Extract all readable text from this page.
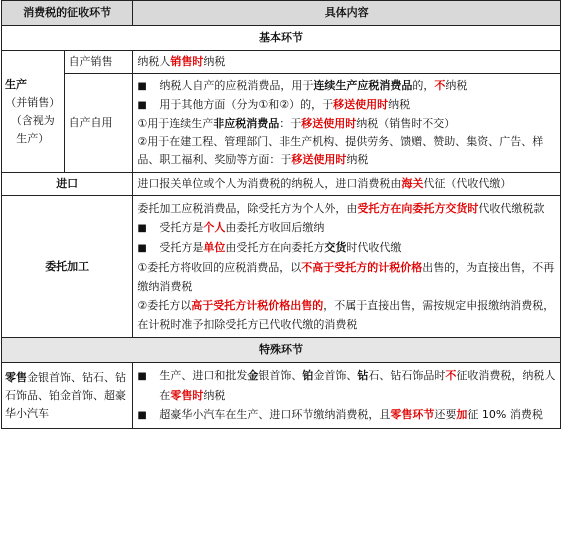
消费税的征收环节		具体内容
基本环节		

生产
（并销售）
（含视为
生产）	自产销售	纳税人销售时纳税
	自产自用	■ 纳税人自产的应税消费品，用于连续生产应税消费品的，不纳税
■ 用于其他方面（分为①和②）的，于移送使用时纳税
①用于连续生产非应税消费品：于移送使用时纳税（销售时不交）
②用于在建工程、管理部门、非生产机构、提供劳务、馈赠、赞助、集资、广告、样品、职工福利、奖励等方面：于移送使用时纳税

进口		进口报关单位或个人为消费税的纳税人，进口消费税由海关代征（代收代缴）
委托加工		委托加工应税消费品，除受托方为个人外，由受托方在向委托方交货时代收代缴税款
■ 受托方是个人由委托方收回后缴纳
■ 受托方是单位由受托方在向委托方交货时代收代缴
①委托方将收回的应税消费品，以不高于受托方的计税价格出售的，为直接出售，不再缴纳消费税
②委托方以高于受托方计税价格出售的，不属于直接出售，需按规定申报缴纳消费税，在计税时准予扣除受托方已代收代缴的消费税

特殊环节		
零售金银首饰、钻石、钻石饰品、铂金首饰、超豪华小汽车		■ 生产、进口和批发金银首饰、铂金首饰、钻石、钻石饰品时不征收消费税，纳税人在零售时纳税
■ 超豪华小汽车在生产、进口环节缴纳消费税，且零售环节还要加征 10% 消费税
